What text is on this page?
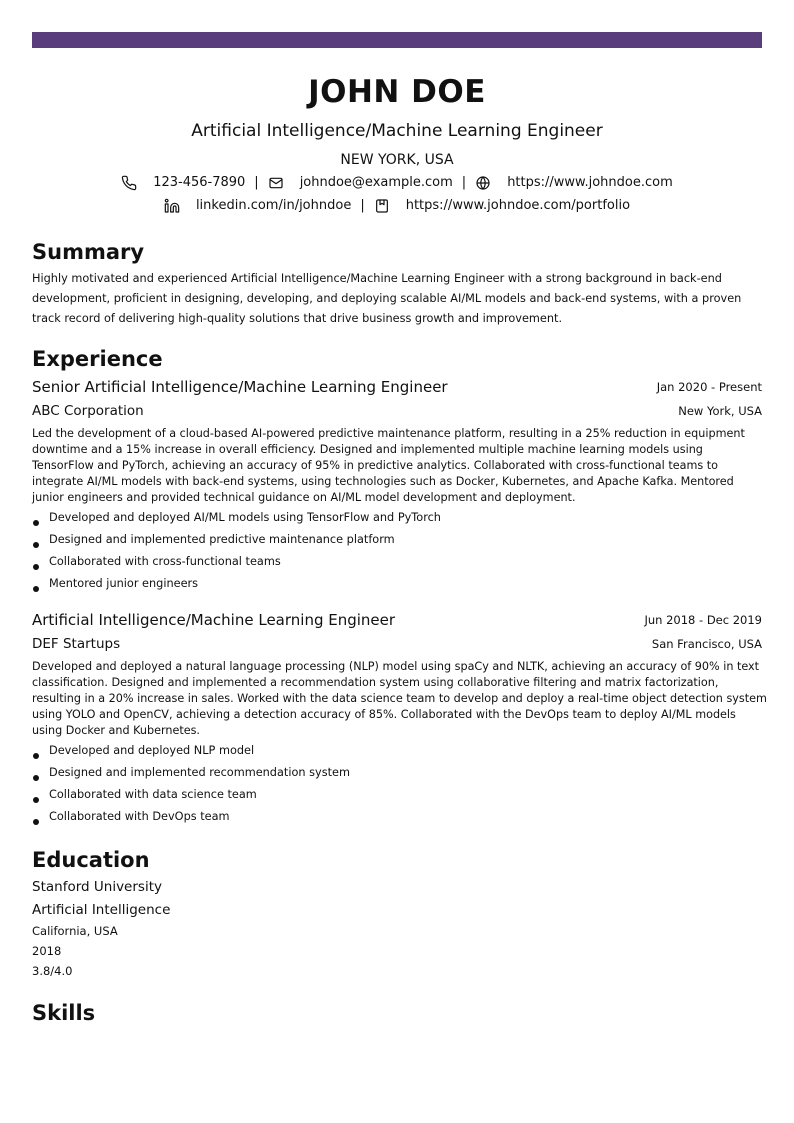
JOHN DOE
Artificial Intelligence/Machine Learning Engineer
NEW YORK, USA
123-456-7890 |	johndoe@example.com |	https://www.johndoe.com
linkedin.com/in/johndoe |	https://www.johndoe.com/portfolio
Summary
Highly motivated and experienced Artificial Intelligence/Machine Learning Engineer with a strong background in back-end development, proficient in designing, developing, and deploying scalable AI/ML models and back-end systems, with a proven track record of delivering high-quality solutions that drive business growth and improvement.
Experience
Senior Artificial Intelligence/Machine Learning Engineer	Jan 2020 - Present
ABC Corporation	New York, USA
Led the development of a cloud-based AI-powered predictive maintenance platform, resulting in a 25% reduction in equipment downtime and a 15% increase in overall efficiency. Designed and implemented multiple machine learning models using TensorFlow and PyTorch, achieving an accuracy of 95% in predictive analytics. Collaborated with cross-functional teams to integrate AI/ML models with back-end systems, using technologies such as Docker, Kubernetes, and Apache Kafka. Mentored junior engineers and provided technical guidance on AI/ML model development and deployment.
Developed and deployed AI/ML models using TensorFlow and PyTorch
Designed and implemented predictive maintenance platform
Collaborated with cross-functional teams
Mentored junior engineers
Artificial Intelligence/Machine Learning Engineer	Jun 2018 - Dec 2019
DEF Startups	San Francisco, USA
Developed and deployed a natural language processing (NLP) model using spaCy and NLTK, achieving an accuracy of 90% in text classification. Designed and implemented a recommendation system using collaborative filtering and matrix factorization, resulting in a 20% increase in sales. Worked with the data science team to develop and deploy a real-time object detection system using YOLO and OpenCV, achieving a detection accuracy of 85%. Collaborated with the DevOps team to deploy AI/ML models using Docker and Kubernetes.
Developed and deployed NLP model
Designed and implemented recommendation system
Collaborated with data science team
Collaborated with DevOps team
Education
Stanford University
Artificial Intelligence
California, USA
2018
3.8/4.0
Skills
